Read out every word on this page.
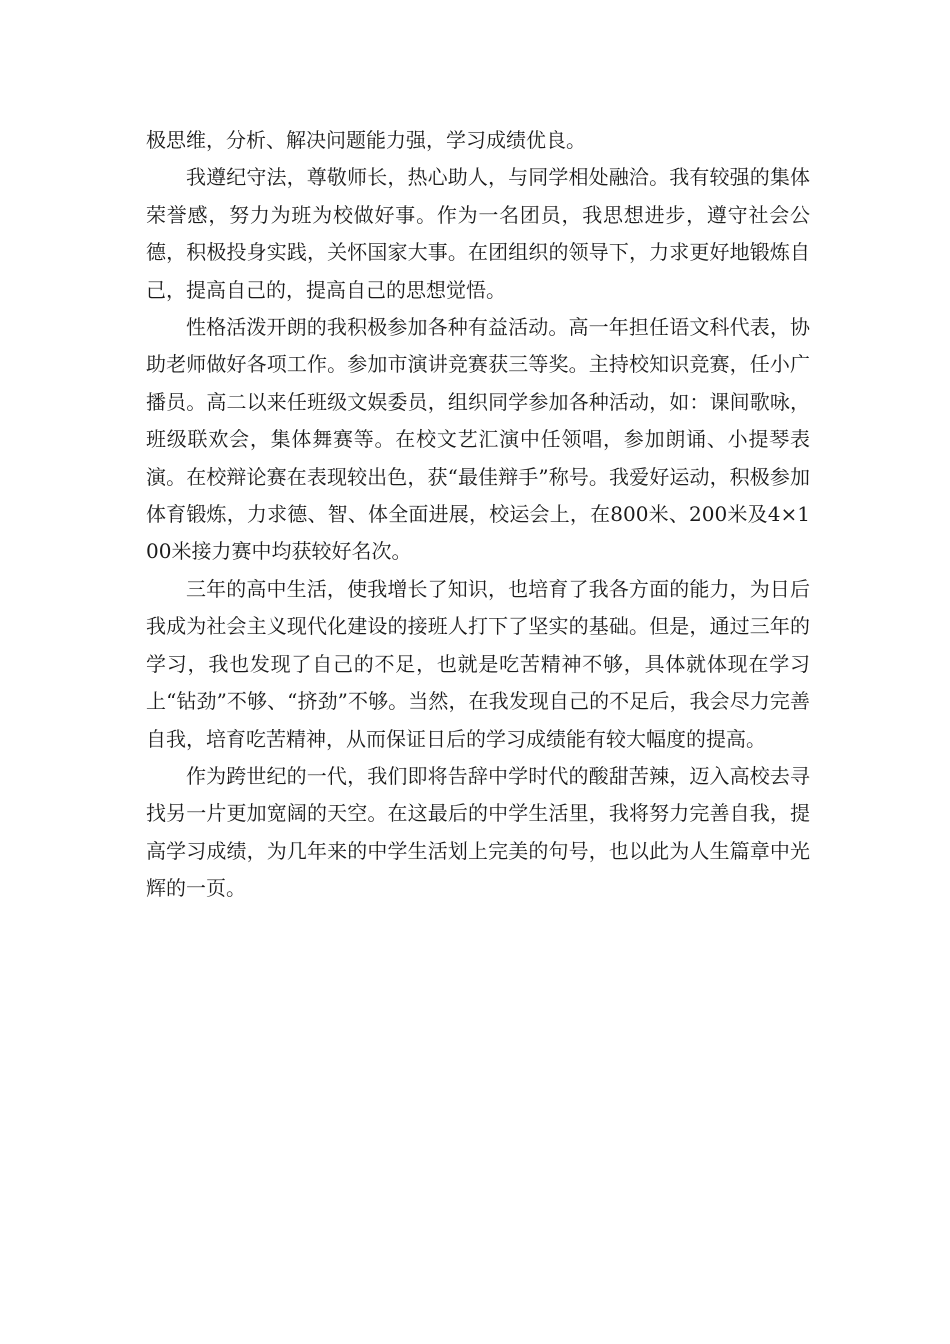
极思维，分析、解决问题能力强，学习成绩优良。

我遵纪守法，尊敬师长，热心助人，与同学相处融洽。我有较强的集体荣誉感，努力为班为校做好事。作为一名团员，我思想进步，遵守社会公德，积极投身实践，关怀国家大事。在团组织的领导下，力求更好地锻炼自己，提高自己的，提高自己的思想觉悟。

性格活泼开朗的我积极参加各种有益活动。高一年担任语文科代表，协助老师做好各项工作。参加市演讲竞赛获三等奖。主持校知识竞赛，任小广播员。高二以来任班级文娱委员，组织同学参加各种活动，如：课间歌咏，班级联欢会，集体舞赛等。在校文艺汇演中任领唱，参加朗诵、小提琴表演。在校辩论赛在表现较出色，获“最佳辩手”称号。我爱好运动，积极参加体育锻炼，力求德、智、体全面进展，校运会上，在800米、200米及4×100米接力赛中均获较好名次。

三年的高中生活，使我增长了知识，也培育了我各方面的能力，为日后我成为社会主义现代化建设的接班人打下了坚实的基础。但是，通过三年的学习，我也发现了自己的不足，也就是吃苦精神不够，具体就体现在学习上“钻劲”不够、“挤劲”不够。当然，在我发现自己的不足后，我会尽力完善自我，培育吃苦精神，从而保证日后的学习成绩能有较大幅度的提高。

作为跨世纪的一代，我们即将告辞中学时代的酸甜苦辣，迈入高校去寻找另一片更加宽阔的天空。在这最后的中学生活里，我将努力完善自我，提高学习成绩，为几年来的中学生活划上完美的句号，也以此为人生篇章中光辉的一页。
